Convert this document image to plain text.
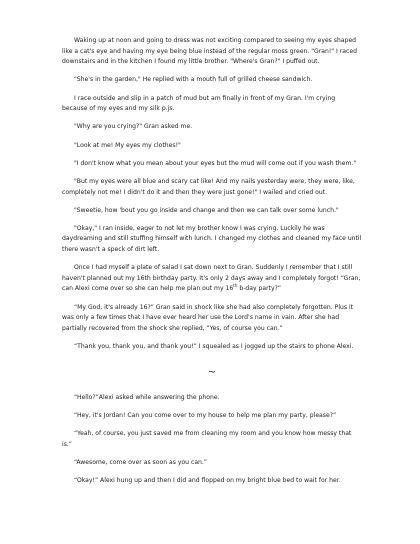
Waking up at noon and going to dress was not exciting compared to seeing my eyes shaped like a cat's eye and having my eye being blue instead of the regular moss green. "Gran!" I raced downstairs and in the kitchen I found my little brother. "Where's Gran?" I puffed out.

"She's in the garden," He replied with a mouth full of grilled cheese sandwich.

I race outside and slip in a patch of mud but am finally in front of my Gran. I'm crying because of my eyes and my silk p.js.

"Why are you crying?" Gran asked me.

"Look at me! My eyes my clothes!"

"I don't know what you mean about your eyes but the mud will come out if you wash them."

"But my eyes were all blue and scary cat like! And my nails yesterday were, they were, like, completely not me! I didn't do it and then they were just gone!" I wailed and cried out.

"Sweetie, how 'bout you go inside and change and then we can talk over some lunch."

"Okay," I ran inside, eager to not let my brother know I was crying. Luckily he was daydreaming and still stuffing himself with lunch. I changed my clothes and cleaned my face until there wasn't a speck of dirt left.

Once I had myself a plate of salad I sat down next to Gran. Suddenly I remember that I still haven't planned out my 16th birthday party. It's only 2 days away and I completely forgot! “Gran, can Alexi come over so she can help me plan out my 16th b-day party?”

“My God, it's already 16?” Gran said in shock like she had also completely forgotten. Plus it was only a few times that I have ever heard her use the Lord's name in vain. After she had partially recovered from the shock she replied, “Yes, of course you can.”

“Thank you, thank you, and thank you!” I squealed as I jogged up the stairs to phone Alexi.

~

“Hello?”Alexi asked while answering the phone.

“Hey, it's Jordan! Can you come over to my house to help me plan my party, please?”

“Yeah, of course, you just saved me from cleaning my room and you know how messy that is.”

“Awesome, come over as soon as you can.”

“Okay!” Alexi hung up and then I did and flopped on my bright blue bed to wait for her.
